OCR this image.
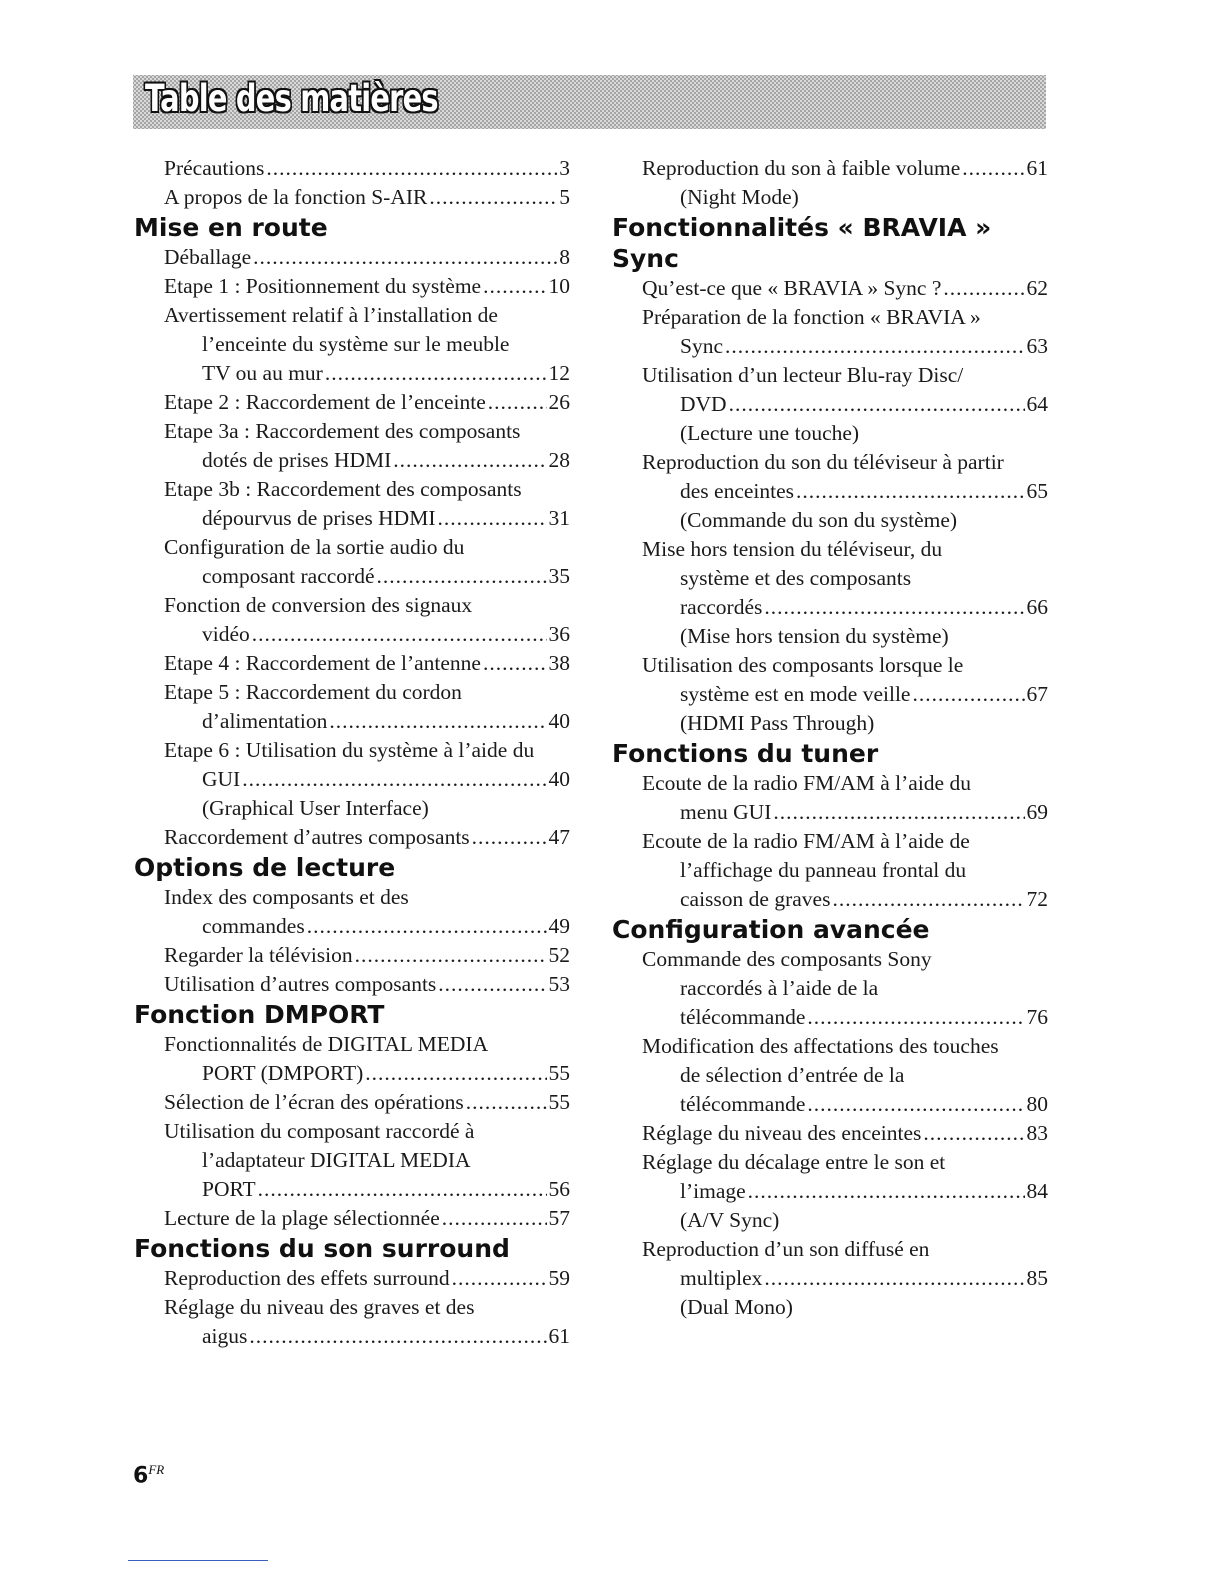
Table des matières
Précautions .....	3
A propos de la fonction S-AIR .....	5
Mise en route
Déballage .....	8
Etape 1 : Positionnement du système .....	10
Avertissement relatif à l’installation de
l’enceinte du système sur le meuble
TV ou au mur .....	12
Etape 2 : Raccordement de l’enceinte .....	26
Etape 3a : Raccordement des composants
dotés de prises HDMI .....	28
Etape 3b : Raccordement des composants
dépourvus de prises HDMI .....	31
Configuration de la sortie audio du
composant raccordé .....	35
Fonction de conversion des signaux
vidéo .....	36
Etape 4 : Raccordement de l’antenne .....	38
Etape 5 : Raccordement du cordon
d’alimentation .....	40
Etape 6 : Utilisation du système à l’aide du
GUI .....	40
(Graphical User Interface)
Raccordement d’autres composants .....	47
Options de lecture
Index des composants et des
commandes .....	49
Regarder la télévision .....	52
Utilisation d’autres composants .....	53
Fonction DMPORT
Fonctionnalités de DIGITAL MEDIA
PORT (DMPORT) .....	55
Sélection de l’écran des opérations .....	55
Utilisation du composant raccordé à
l’adaptateur DIGITAL MEDIA
PORT .....	56
Lecture de la plage sélectionnée .....	57
Fonctions du son surround
Reproduction des effets surround .....	59
Réglage du niveau des graves et des
aigus .....	61
Reproduction du son à faible volume .....	61
(Night Mode)
Fonctionnalités « BRAVIA » Sync
Qu’est-ce que « BRAVIA » Sync ? .....	62
Préparation de la fonction « BRAVIA »
Sync .....	63
Utilisation d’un lecteur Blu-ray Disc/
DVD .....	64
(Lecture une touche)
Reproduction du son du téléviseur à partir
des enceintes .....	65
(Commande du son du système)
Mise hors tension du téléviseur, du
système et des composants
raccordés .....	66
(Mise hors tension du système)
Utilisation des composants lorsque le
système est en mode veille .....	67
(HDMI Pass Through)
Fonctions du tuner
Ecoute de la radio FM/AM à l’aide du
menu GUI .....	69
Ecoute de la radio FM/AM à l’aide de
l’affichage du panneau frontal du
caisson de graves .....	72
Configuration avancée
Commande des composants Sony
raccordés à l’aide de la
télécommande .....	76
Modification des affectations des touches
de sélection d’entrée de la
télécommande .....	80
Réglage du niveau des enceintes .....	83
Réglage du décalage entre le son et
l’image .....	84
(A/V Sync)
Reproduction d’un son diffusé en
multiplex .....	85
(Dual Mono)
$6^{FR}$
